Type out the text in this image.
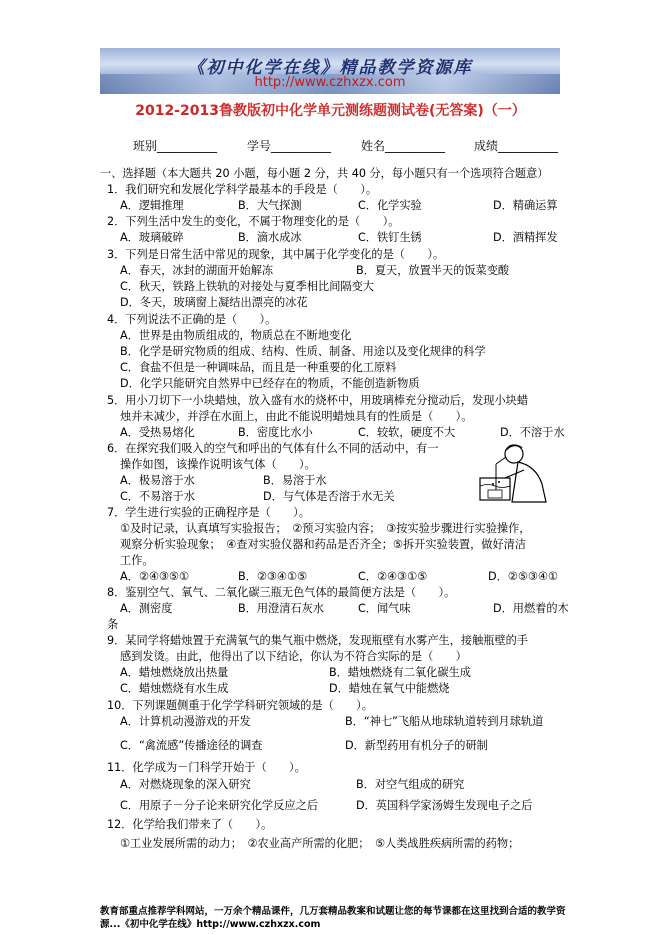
《初中化学在线》精品教学资源库
http://www.czhxzx.com
2012-2013鲁教版初中化学单元测练题测试卷(无答案)（一）
班别__________ 学号__________ 姓名__________ 成绩__________
一、选择题（本大题共 20 小题，每小题 2 分，共 40 分，每小题只有一个选项符合题意）
1．我们研究和发展化学科学最基本的手段是（　　）。
A．逻辑推理	B．大气探测	C．化学实验	D．精确运算
2．下列生活中发生的变化，不属于物理变化的是（　　）。
A．玻璃破碎	B．滴水成冰	C．铁钉生锈	D．酒精挥发
3．下列是日常生活中常见的现象，其中属于化学变化的是（　　）。
A．春天，冰封的湖面开始解冻	B．夏天，放置半天的饭菜变酸
C．秋天，铁路上铁轨的对接处与夏季相比间隔变大
D．冬天，玻璃窗上凝结出漂亮的冰花
4．下列说法不正确的是（　　）。
A．世界是由物质组成的，物质总在不断地变化
B．化学是研究物质的组成、结构、性质、制备、用途以及变化规律的科学
C．食盐不但是一种调味品，而且是一种重要的化工原料
D．化学只能研究自然界中已经存在的物质，不能创造新物质
5．用小刀切下一小块蜡烛，放入盛有水的烧杯中，用玻璃棒充分搅动后，发现小块蜡
烛并未减少，并浮在水面上，由此不能说明蜡烛具有的性质是（　　）。
A．受热易熔化	B．密度比水小	C．较软，硬度不大	D．不溶于水
6．在探究我们吸入的空气和呼出的气体有什么不同的活动中，有一
操作如图，该操作说明该气体（　　）。
A．极易溶于水	B．易溶于水
C．不易溶于水	D．与气体是否溶于水无关
7．学生进行实验的正确程序是（　　）。
①及时记录，认真填写实验报告；　②预习实验内容；　③按实验步骤进行实验操作，
观察分析实验现象；　④查对实验仪器和药品是否齐全；⑤拆开实验装置，做好清洁
工作。
A．②④③⑤①	B．②③④①⑤	C．②④③①⑤	D．②⑤③④①
8．鉴别空气、氧气、二氧化碳三瓶无色气体的最简便方法是（　　）。
A．测密度	B．用澄清石灰水	C．闻气味	D．用燃着的木
条
9．某同学将蜡烛置于充满氧气的集气瓶中燃烧，发现瓶壁有水雾产生，接触瓶壁的手
感到发烫。由此，他得出了以下结论，你认为不符合实际的是（　　）
A．蜡烛燃烧放出热量	B．蜡烛燃烧有二氧化碳生成
C．蜡烛燃烧有水生成	D．蜡烛在氧气中能燃烧
10．下列课题侧重于化学学科研究领域的是（　　）。
A．计算机动漫游戏的开发	B．“神七”飞船从地球轨道转到月球轨道
C．“禽流感”传播途径的调查	D．新型药用有机分子的研制
11．化学成为－门科学开始于（　　）。
A．对燃烧现象的深入研究	B．对空气组成的研究
C．用原子－分子论来研究化学反应之后	D．英国科学家汤姆生发现电子之后
12．化学给我们带来了（　　）。
①工业发展所需的动力；　②农业高产所需的化肥；　⑤人类战胜疾病所需的药物；
教育部重点推荐学科网站，一万余个精品课件，几万套精品教案和试题让您的每节课都在这里找到合适的教学资源...《初中化学在线》http://www.czhxzx.com
